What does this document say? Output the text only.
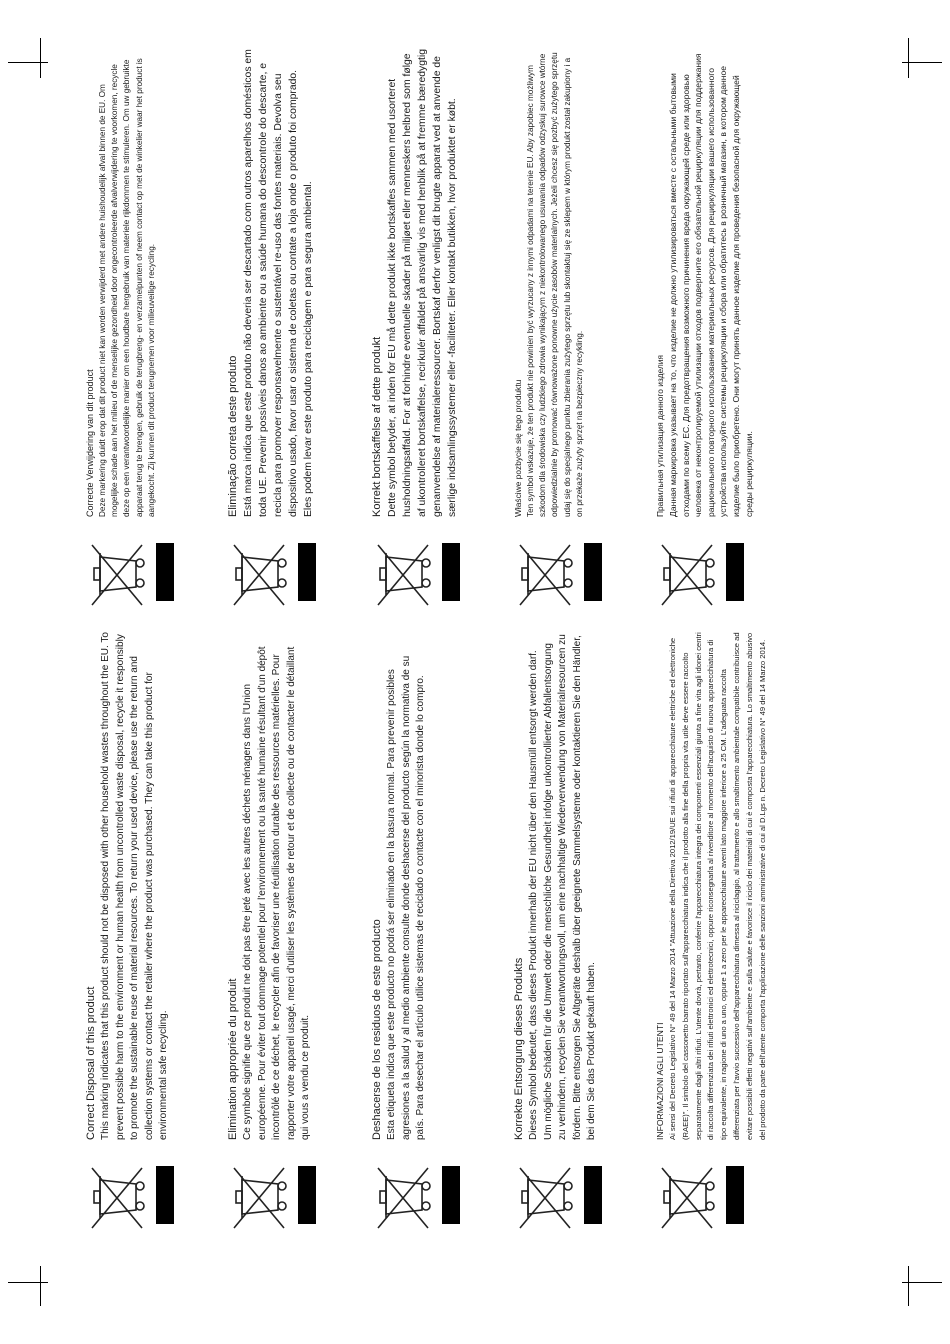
Correct Disposal of this product This marking indicates that this product should not be disposed with other household wastes throughout the EU. To prevent possible harm to the environment or human health from uncontrolled waste disposal, recycle it responsibly to promote the sustainable reuse of material resources. To return your used device, please use the return and collection systems or contact the retailer where the product was purchased. They can take this product for environmental safe recycling.	Elimination appropriée du produit Ce symbole signifie que ce produit ne doit pas être jeté avec les autres déchets ménagers dans l'Union européenne. Pour éviter tout dommage potentiel pour l'environnement ou la santé humaine résultant d'un dépôt incontrôlé de ce déchet, le recycler afin de favoriser une réutilisation durable des ressources matérielles. Pour rapporter votre appareil usagé, merci d'utiliser les systèmes de retour et de collecte ou de contacter le détaillant qui vous a vendu ce produit.	Deshacerse de los residuos de este producto Esta etiqueta indica que este producto no podrá ser eliminado en la basura normal. Para prevenir posibles agresiones a la salud y al medio ambiente consulte donde deshacerse del producto según la normativa de su país. Para desechar el artículo utilice sistemas de reciclado o contacte con el minorista donde lo compro.	Korrekte Entsorgung dieses Produkts Dieses Symbol bedeutet, dass dieses Produkt innerhalb der EU nicht über den Hausmüll entsorgt werden darf. Um mögliche Schäden für die Umwelt oder die menschliche Gesundheit infolge unkontrollierter Abfallentsorgung zu verhindern, recyclen Sie verantwortungsvoll, um eine nachhaltige Wiederverwendung von Materialresourcen zu fördern. Bitte entsorgen Sie Altgeräte deshalb über geeignete Sammelsysteme oder kontaktieren Sie den Händler, bei dem Sie das Produkt gekauft haben.	INFORMAZIONI AGLI UTENTI Ai sensi del Decreto Legislativo N° 49 del 14 Marzo 2014 "Attuazione della Direttiva 2012/19/UE sui rifiuti di apparecchiature elettriche ed elettroniche (RAEE)". Il simbolo del cassonetto barrato riportato sull'apparecchiatura indica che il prodotto alla fine della propria vita utile deve essere raccolto separatamente dagli altri rifiuti. L'utente dovrà, pertanto, conferire l'apparecchiatura integra dei componenti essenziali giunta a fine vita agli idonei centri di raccolta differenziata dei rifiuti elettronici ed elettrotecnici, oppure riconsegnarla al rivenditore al momento dell'acquisto di nuova apparecchiatura di tipo equivalente, in ragione di uno a uno, oppure 1 a zero per le apparecchiature aventi lato maggiore inferiore a 25 CM. L'adeguata raccolta differenziata per l'avvio successivo dell'apparecchiatura dimessa al riciclaggio, al trattamento e allo smaltimento ambientale compatibile contribuisce ad evitare possibili effetti negativi sull'ambiente e sulla salute e favorisce il riciclo dei materiali di cui è composta l'apparecchiatura. Lo smaltimento abusivo del prodotto da parte dell'utente comporta l'applicazione delle sanzioni amministrative di cui al D.Lgs n. Decreto Legislativo N° 49 del 14 Marzo 2014.

Correcte Verwijdering van dit product Deze markering duidt erop dat dit product niet kan worden verwijderd met andere huishoudelijk afval binnen de EU. Om mogelijke schade aan het milieu of de menselijke gezondheid door ongecontroleerde afvalverwijdering te voorkomen, recycle deze op een verantwoordelijke manier om een houdbare hergebruik van materiele rijkdommen te stimuleren. Om uw gebruikte apparaat terug te brengen, gebruik de terugbreng- en verzamelpunten of neem contact op met de winkelier waar het product is aangekocht. Zij kunnen dit product terugnemen voor milieuveilige recycling.	Eliminação correta deste produto Está marca indica que este produto não deveria ser descartado com outros aparelhos domésticos em toda UE. Prevenir possíveis danos ao ambiente ou a saúde humana do descontrole do descarte, e recicla para promover responsavelmente o sustentável re-uso das fontes materiais. Devolva seu dispositivo usado, favor usar o sistema de coletas ou contate a loja onde o produto foi comprado. Eles podem levar este produto para reciclagem e para segura ambiental.	Korrekt bortskaffelse af dette produkt Dette symbol betyder, at inden for EU må dette produkt ikke bortskaffes sammen med usorteret husholdningsaffald. For at forhindre eventuelle skader på miljøet eller menneskers helbred som følge af ukontrolleret bortskaffelse, recirkulér affaldet på ansvarlig vis med henblik på at fremme bæredygtig genanvendelse af materialeressourcer. Bortskaf derfor venligst dit brugte apparat ved at anvende de særlige indsamlingssystemer eller -faciliteter. Eller kontakt butikken, hvor produktet er købt.	Właściwe pozbycie się tego produktu Ten symbol wskazuje, że ten produkt nie powinien być wyrzucany z innymi odpadami na terenie EU. Aby zapobiec możliwym szkodom dla środowiska czy ludzkiego zdrowia wynikającym z niekontrolowanego usuwania odpadów odzyskuj surowce wtórne odpowiedzialnie by promować równoważone ponowne użycie zasobów materialnych. Jeżeli chcesz się pozbyć zużytego sprzętu udaj się do specjalnego punktu zbierania zużytego sprzętu lub skontaktuj się ze sklepem w którym produkt został zakupiony i a on przekaże zużyty sprzęt na bezpieczny recykling.	Правильная утилизация данного изделия Данная маркировка указывает на то, что изделие не должно утилизироваться вместе с остальными бытовыми отходами по всему ЕС. Для предотвращения возможного причинения вреда окружающей среде или здоровью человека от неконтролируемой утилизации отходов подвергните его обязательной рециркуляции для поддержания рационального повторного использования материальных ресурсов. Для рециркуляции вашего использованного устройства используйте системы рециркуляции и сбора или обратитесь в розничный магазин, в котором данное изделие было приобретено. Они могут принять данное изделие для проведения безопасной для окружающей среды рециркуляции.
